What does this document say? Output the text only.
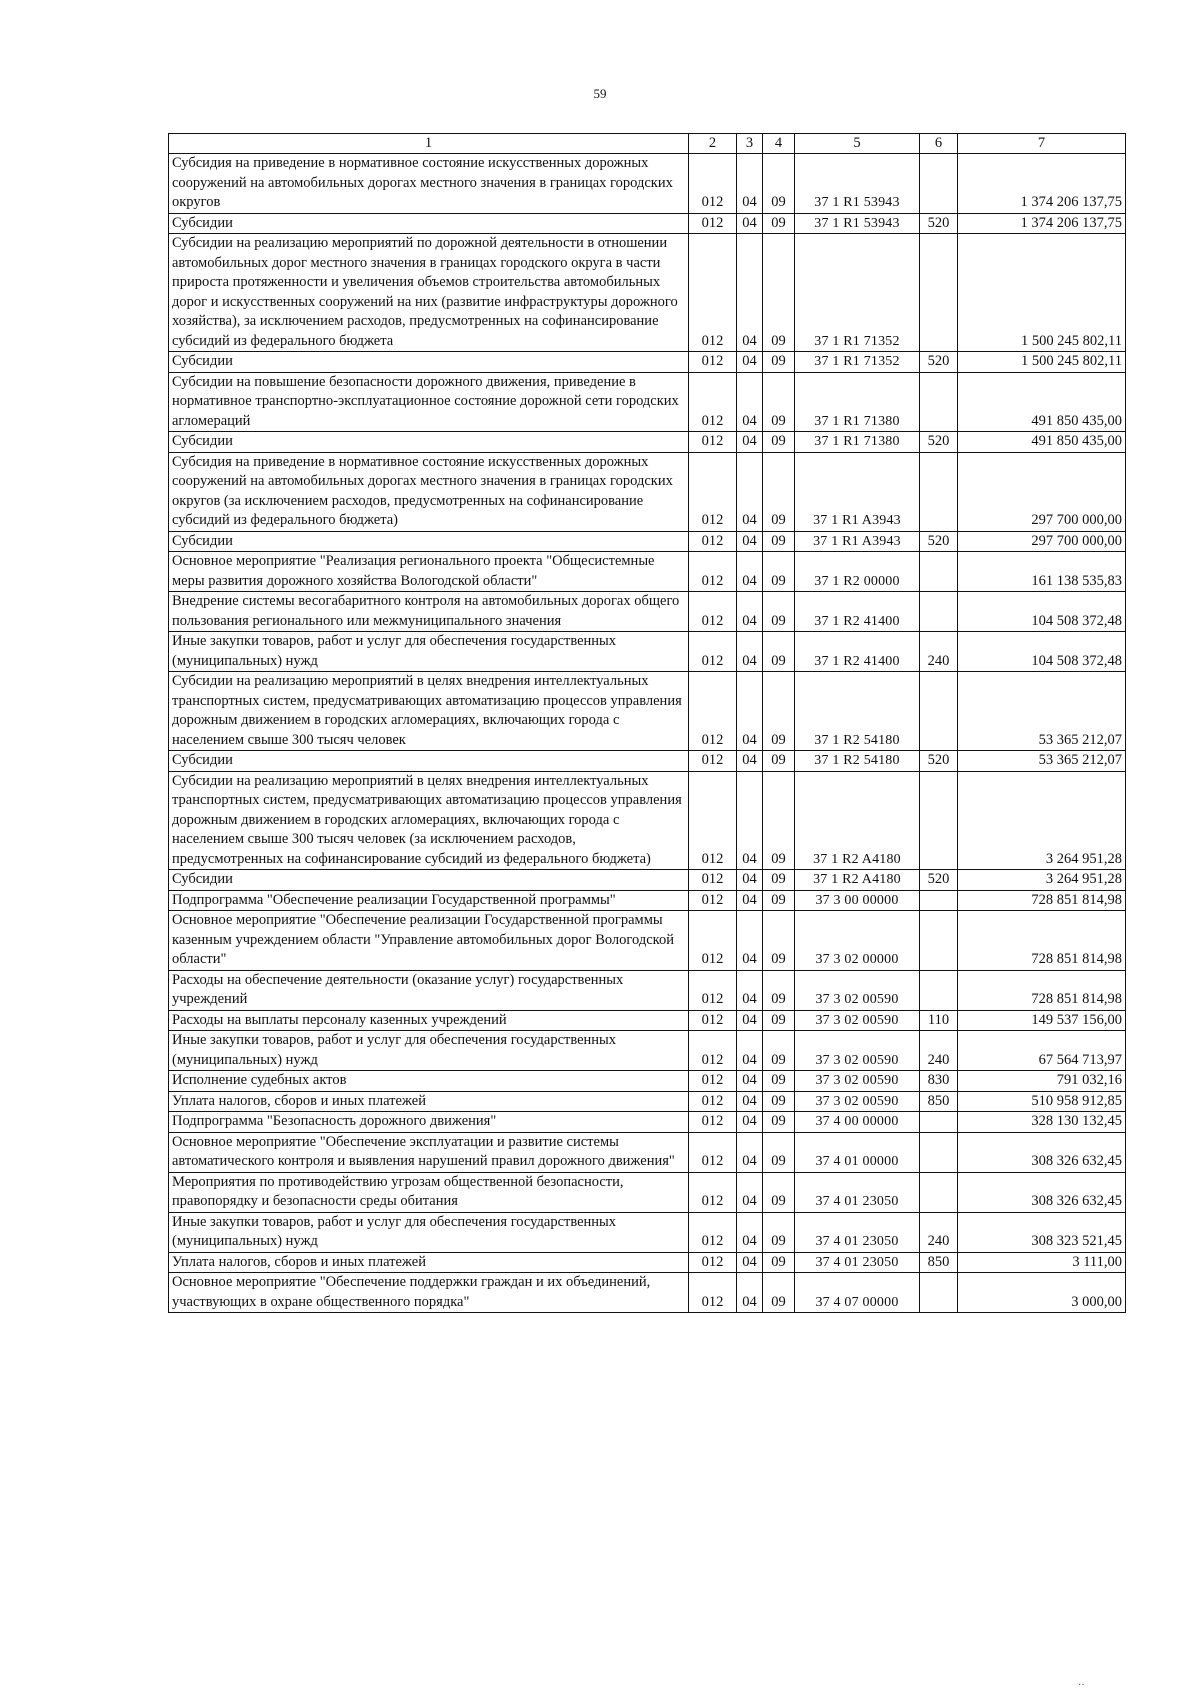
59
1	2	3	4	5	6	7
Субсидия на приведение в нормативное состояние искусственных дорожных сооружений на автомобильных дорогах местного значения в границах городских округов	012	04	09	37 1 R1 53943		1 374 206 137,75
Субсидии	012	04	09	37 1 R1 53943	520	1 374 206 137,75
Субсидии на реализацию мероприятий по дорожной деятельности в отношении автомобильных дорог местного значения в границах городского округа в части прироста протяженности и увеличения объемов строительства автомобильных дорог и искусственных сооружений на них (развитие инфраструктуры дорожного хозяйства), за исключением расходов, предусмотренных на софинансирование субсидий из федерального бюджета	012	04	09	37 1 R1 71352		1 500 245 802,11
Субсидии	012	04	09	37 1 R1 71352	520	1 500 245 802,11
Субсидии на повышение безопасности дорожного движения, приведение в нормативное транспортно-эксплуатационное состояние дорожной сети городских агломераций	012	04	09	37 1 R1 71380		491 850 435,00
Субсидии	012	04	09	37 1 R1 71380	520	491 850 435,00
Субсидия на приведение в нормативное состояние искусственных дорожных сооружений на автомобильных дорогах местного значения в границах городских округов (за исключением расходов, предусмотренных на софинансирование субсидий из федерального бюджета)	012	04	09	37 1 R1 A3943		297 700 000,00
Субсидии	012	04	09	37 1 R1 A3943	520	297 700 000,00
Основное мероприятие "Реализация регионального проекта "Общесистемные меры развития дорожного хозяйства Вологодской области"	012	04	09	37 1 R2 00000		161 138 535,83
Внедрение системы весогабаритного контроля на автомобильных дорогах общего пользования регионального или межмуниципального значения	012	04	09	37 1 R2 41400		104 508 372,48
Иные закупки товаров, работ и услуг для обеспечения государственных (муниципальных) нужд	012	04	09	37 1 R2 41400	240	104 508 372,48
Субсидии на реализацию мероприятий в целях внедрения интеллектуальных транспортных систем, предусматривающих автоматизацию процессов управления дорожным движением в городских агломерациях, включающих города с населением свыше 300 тысяч человек	012	04	09	37 1 R2 54180		53 365 212,07
Субсидии	012	04	09	37 1 R2 54180	520	53 365 212,07
Субсидии на реализацию мероприятий в целях внедрения интеллектуальных транспортных систем, предусматривающих автоматизацию процессов управления дорожным движением в городских агломерациях, включающих города с населением свыше 300 тысяч человек (за исключением расходов, предусмотренных на софинансирование субсидий из федерального бюджета)	012	04	09	37 1 R2 A4180		3 264 951,28
Субсидии	012	04	09	37 1 R2 A4180	520	3 264 951,28
Подпрограмма "Обеспечение реализации Государственной программы"	012	04	09	37 3 00 00000		728 851 814,98
Основное мероприятие "Обеспечение реализации Государственной программы казенным учреждением области "Управление автомобильных дорог Вологодской области"	012	04	09	37 3 02 00000		728 851 814,98
Расходы на обеспечение деятельности (оказание услуг) государственных учреждений	012	04	09	37 3 02 00590		728 851 814,98
Расходы на выплаты персоналу казенных учреждений	012	04	09	37 3 02 00590	110	149 537 156,00
Иные закупки товаров, работ и услуг для обеспечения государственных (муниципальных) нужд	012	04	09	37 3 02 00590	240	67 564 713,97
Исполнение судебных актов	012	04	09	37 3 02 00590	830	791 032,16
Уплата налогов, сборов и иных платежей	012	04	09	37 3 02 00590	850	510 958 912,85
Подпрограмма "Безопасность дорожного движения"	012	04	09	37 4 00 00000		328 130 132,45
Основное мероприятие "Обеспечение эксплуатации и развитие системы автоматического контроля и выявления нарушений правил дорожного движения"	012	04	09	37 4 01 00000		308 326 632,45
Мероприятия по противодействию угрозам общественной безопасности, правопорядку и безопасности среды обитания	012	04	09	37 4 01 23050		308 326 632,45
Иные закупки товаров, работ и услуг для обеспечения государственных (муниципальных) нужд	012	04	09	37 4 01 23050	240	308 323 521,45
Уплата налогов, сборов и иных платежей	012	04	09	37 4 01 23050	850	3 111,00
Основное мероприятие "Обеспечение поддержки граждан и их объединений, участвующих в охране общественного порядка"	012	04	09	37 4 07 00000		3 000,00
··
